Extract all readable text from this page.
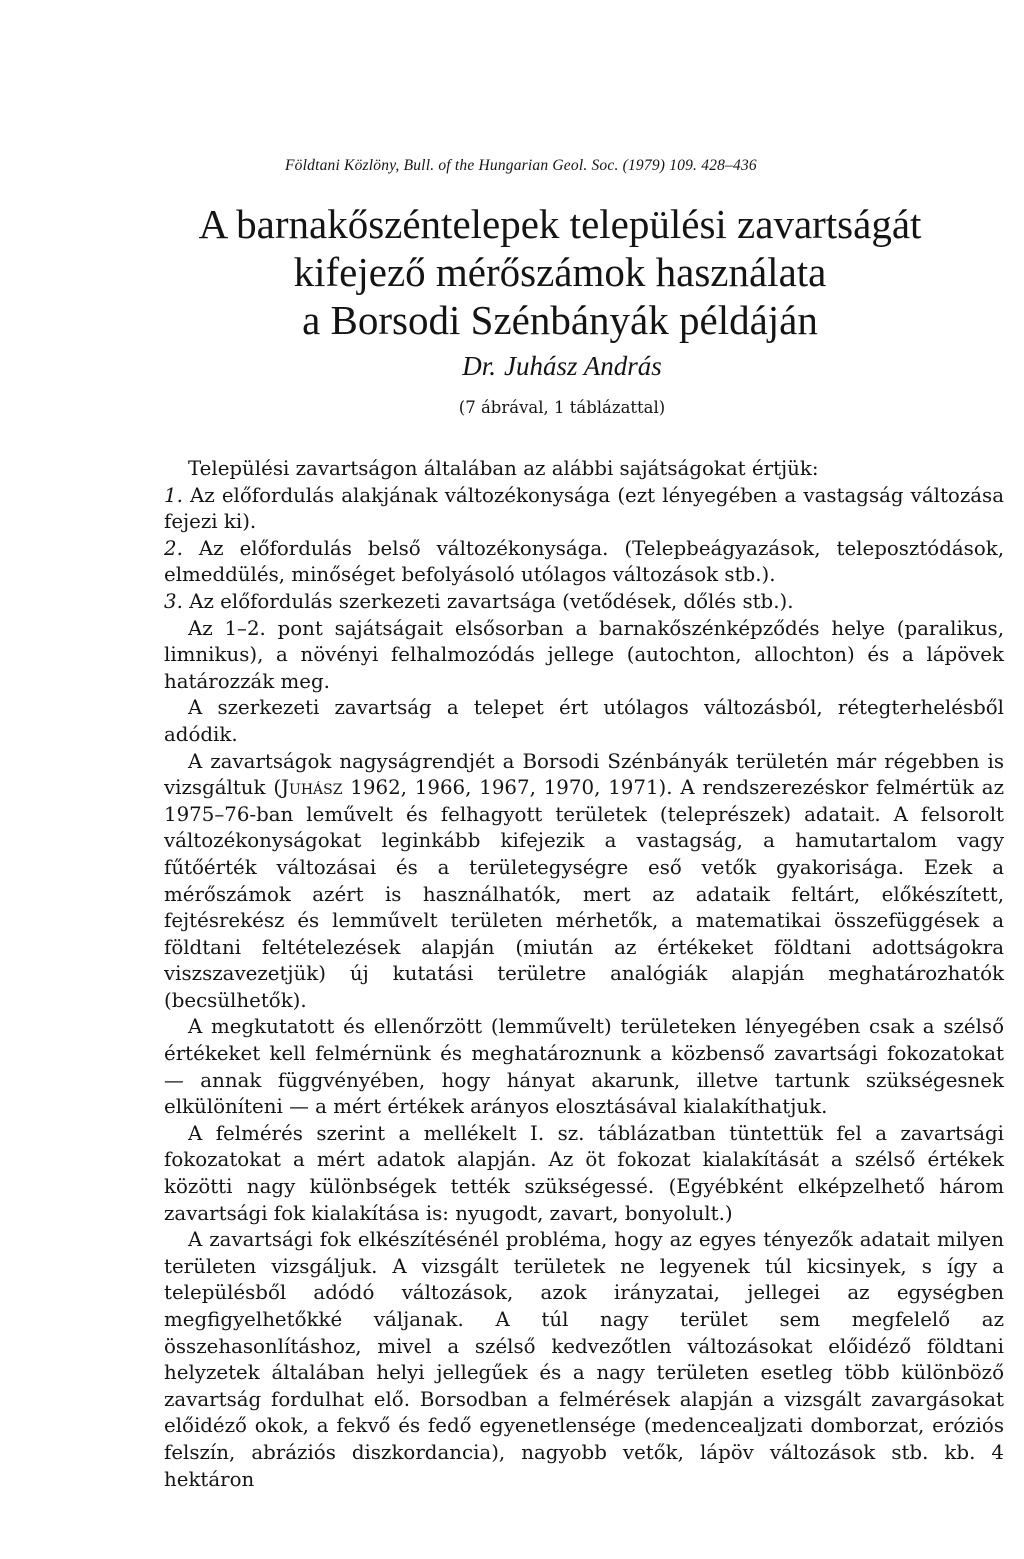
Földtani Közlöny, Bull. of the Hungarian Geol. Soc. (1979) 109. 428–436
A barnakőszéntelepek települési zavartságát
kifejező mérőszámok használata
a Borsodi Szénbányák példáján
Dr. Juhász András
(7 ábrával, 1 táblázattal)

Települési zavartságon általában az alábbi sajátságokat értjük:

1. Az előfordulás alakjának változékonysága (ezt lényegében a vastagság változása fejezi ki).

2. Az előfordulás belső változékonysága. (Telepbeágyazások, teleposztódások, elmeddülés, minőséget befolyásoló utólagos változások stb.).

3. Az előfordulás szerkezeti zavartsága (vetődések, dőlés stb.).

Az 1–2. pont sajátságait elsősorban a barnakőszénképződés helye (paralikus, limnikus), a növényi felhalmozódás jellege (autochton, allochton) és a lápövek határozzák meg.

A szerkezeti zavartság a telepet ért utólagos változásból, rétegterhelésből adódik.

A zavartságok nagyságrendjét a Borsodi Szénbányák területén már régebben is vizsgáltuk (Juhász 1962, 1966, 1967, 1970, 1971). A rendszerezéskor felmértük az 1975–76-ban leművelt és felhagyott területek (teleprészek) adatait. A felsorolt változékonyságokat leginkább kifejezik a vastagság, a hamutartalom vagy fűtőérték változásai és a területegységre eső vetők gyakorisága. Ezek a mérőszámok azért is használhatók, mert az adataik feltárt, előkészített, fejtésrekész és lemművelt területen mérhetők, a matematikai összefüggések a földtani feltételezések alapján (miután az értékeket földtani adottságokra viszszavezetjük) új kutatási területre analógiák alapján meghatározhatók (becsülhetők).

A megkutatott és ellenőrzött (lemművelt) területeken lényegében csak a szélső értékeket kell felmérnünk és meghatároznunk a közbenső zavartsági fokozatokat — annak függvényében, hogy hányat akarunk, illetve tartunk szükségesnek elkülöníteni — a mért értékek arányos elosztásával kialakíthatjuk.

A felmérés szerint a mellékelt I. sz. táblázatban tüntettük fel a zavartsági fokozatokat a mért adatok alapján. Az öt fokozat kialakítását a szélső értékek közötti nagy különbségek tették szükségessé. (Egyébként elképzelhető három zavartsági fok kialakítása is: nyugodt, zavart, bonyolult.)

A zavartsági fok elkészítésénél probléma, hogy az egyes tényezők adatait milyen területen vizsgáljuk. A vizsgált területek ne legyenek túl kicsinyek, s így a településből adódó változások, azok irányzatai, jellegei az egységben megfigyelhetőkké váljanak. A túl nagy terület sem megfelelő az összehasonlításhoz, mivel a szélső kedvezőtlen változásokat előidéző földtani helyzetek általában helyi jellegűek és a nagy területen esetleg több különböző zavartság fordulhat elő. Borsodban a felmérések alapján a vizsgált zavargásokat előidéző okok, a fekvő és fedő egyenetlensége (medencealjzati domborzat, eróziós felszín, abráziós diszkordancia), nagyobb vetők, lápöv változások stb. kb. 4 hektáron
